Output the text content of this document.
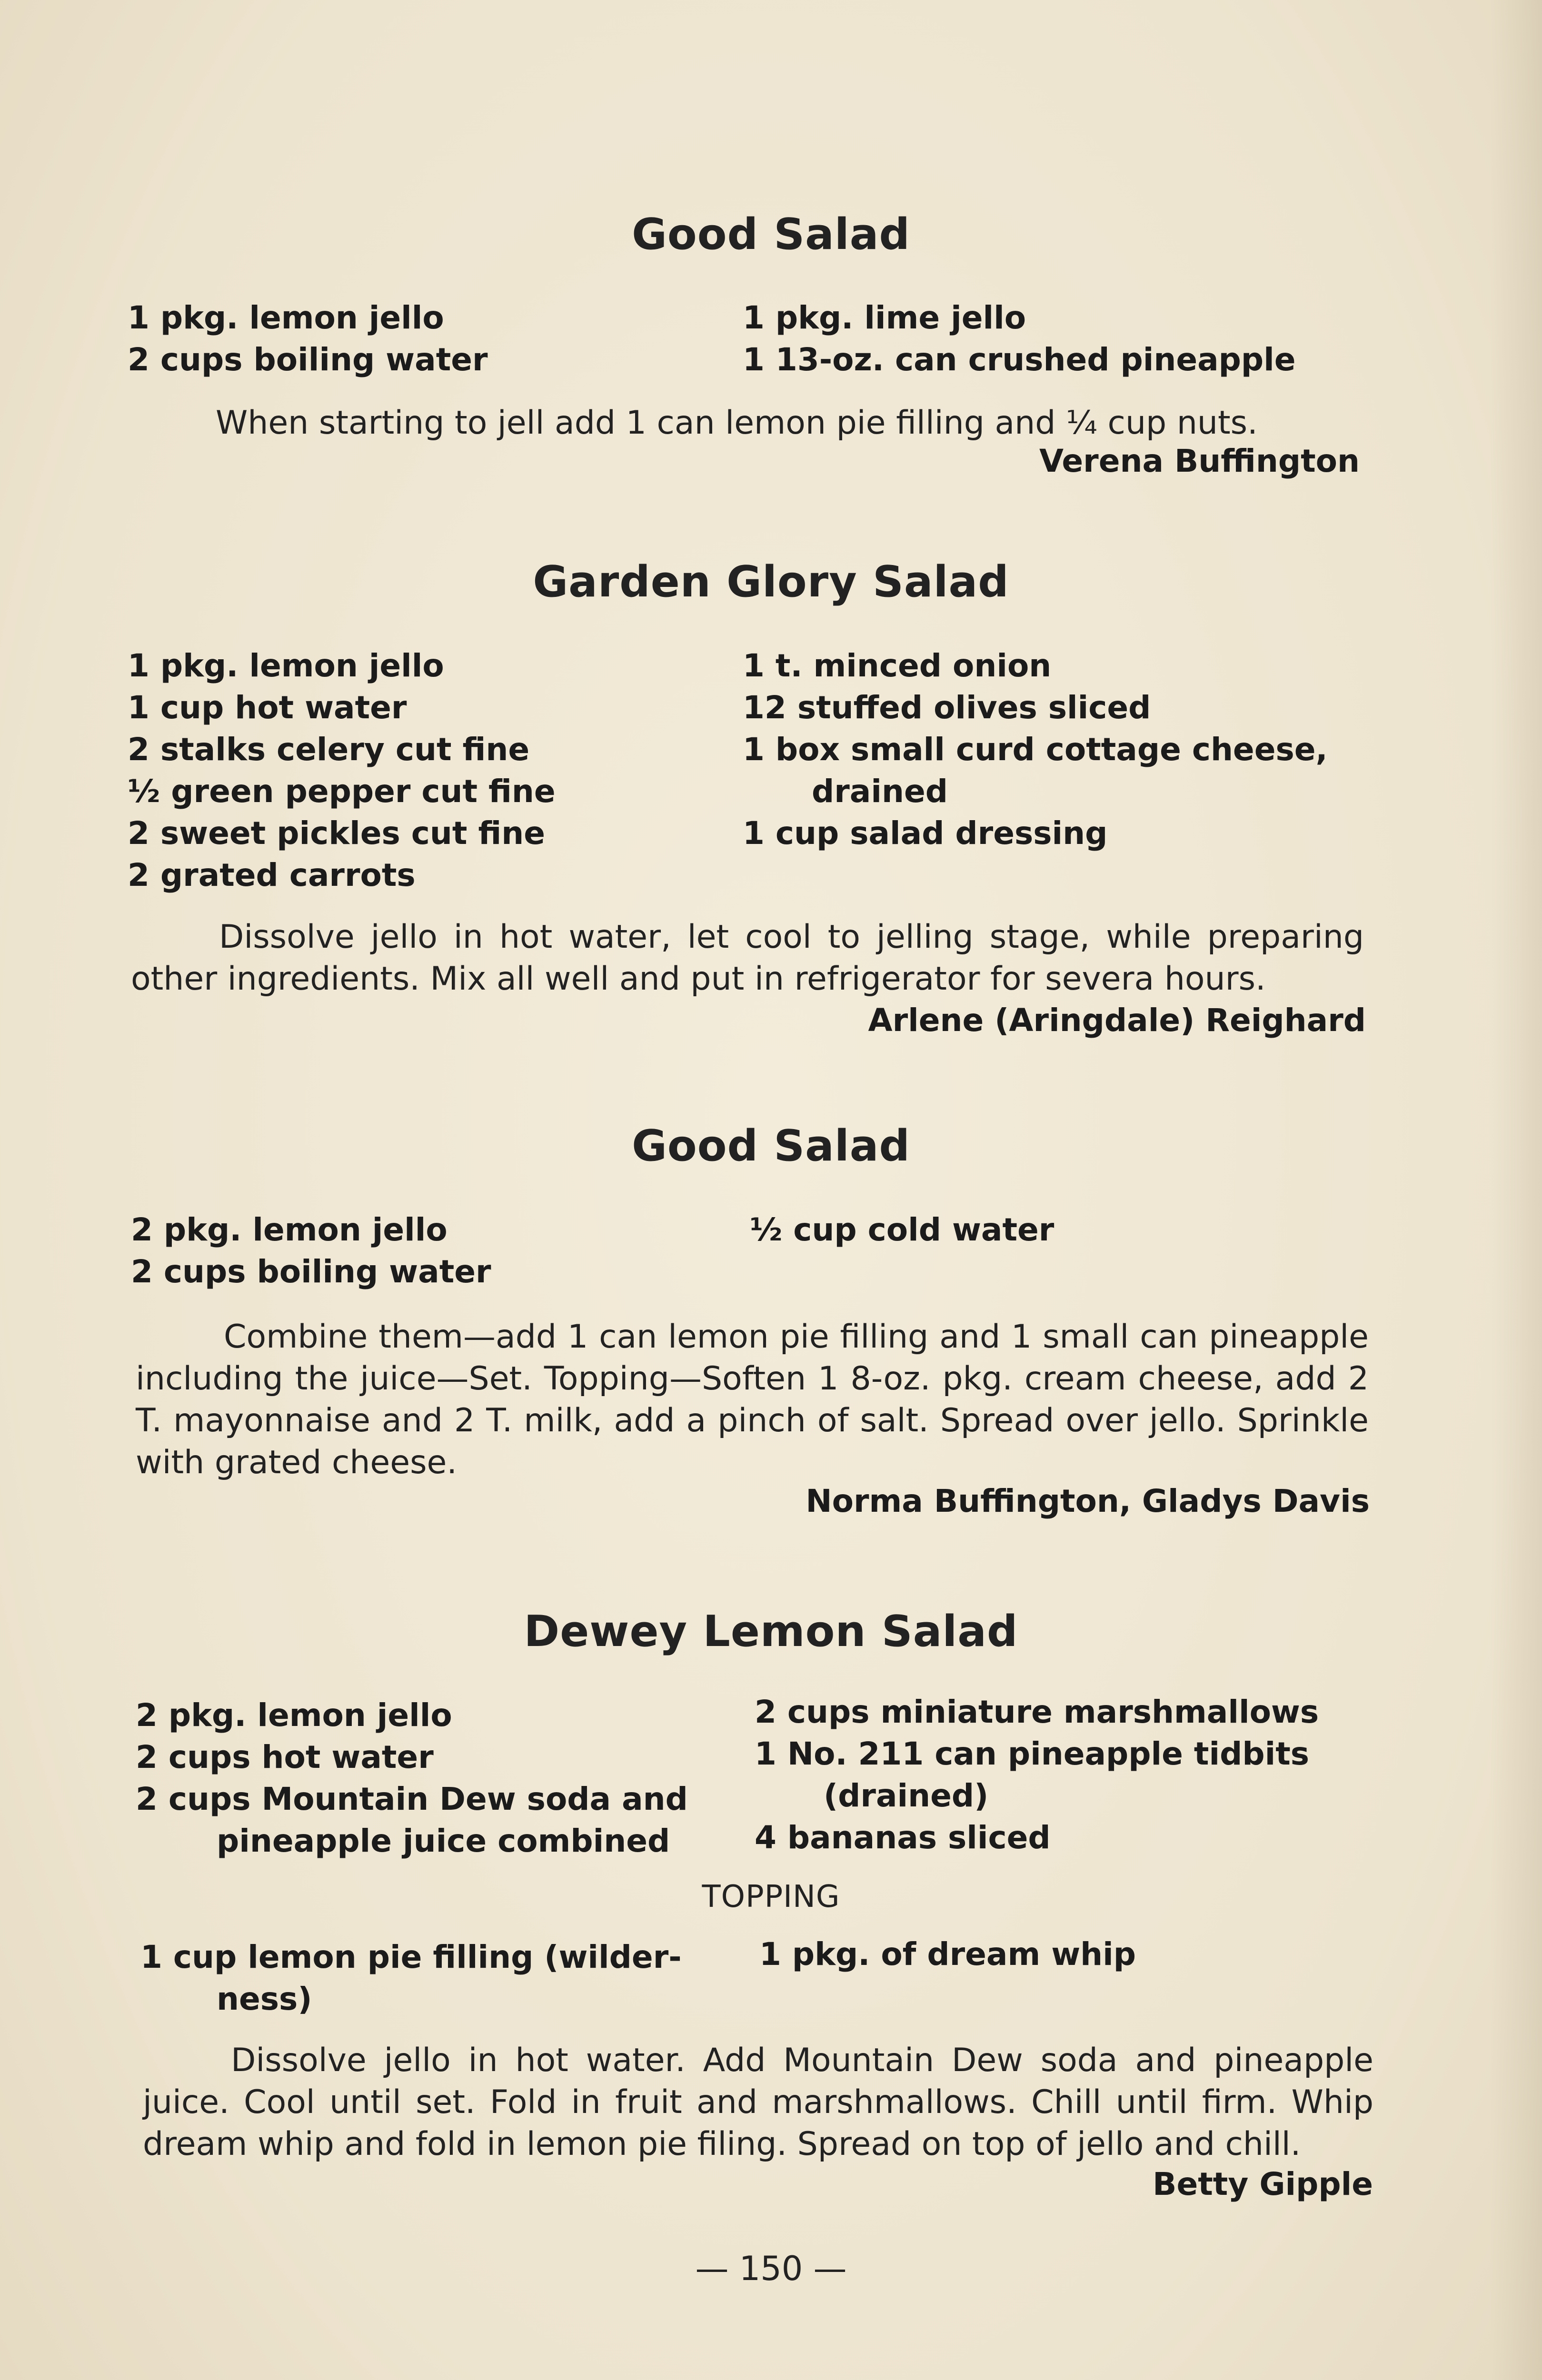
Good Salad
1 pkg. lemon jello
2 cups boiling water
1 pkg. lime jello
1 13-oz. can crushed pineapple
When starting to jell add 1 can lemon pie filling and ¼ cup nuts.
Verena Buffington
Garden Glory Salad
1 pkg. lemon jello
1 cup hot water
2 stalks celery cut fine
½ green pepper cut fine
2 sweet pickles cut fine
2 grated carrots
1 t. minced onion
12 stuffed olives sliced
1 box small curd cottage cheese,
drained
1 cup salad dressing
Dissolve jello in hot water, let cool to jelling stage, while preparing other ingredients. Mix all well and put in refrigerator for severa hours.
Arlene (Aringdale) Reighard
Good Salad
2 pkg. lemon jello
2 cups boiling water
½ cup cold water
Combine them—add 1 can lemon pie filling and 1 small can pineapple including the juice—Set. Topping—Soften 1 8-oz. pkg. cream cheese, add 2 T. mayonnaise and 2 T. milk, add a pinch of salt. Spread over jello. Sprinkle with grated cheese.
Norma Buffington, Gladys Davis
Dewey Lemon Salad
2 pkg. lemon jello
2 cups hot water
2 cups Mountain Dew soda and
pineapple juice combined
2 cups miniature marshmallows
1 No. 211 can pineapple tidbits
(drained)
4 bananas sliced
TOPPING
1 cup lemon pie filling (wilder-
ness)
1 pkg. of dream whip
Dissolve jello in hot water. Add Mountain Dew soda and pineapple juice. Cool until set. Fold in fruit and marshmallows. Chill until firm. Whip dream whip and fold in lemon pie filing. Spread on top of jello and chill.
Betty Gipple
— 150 —
